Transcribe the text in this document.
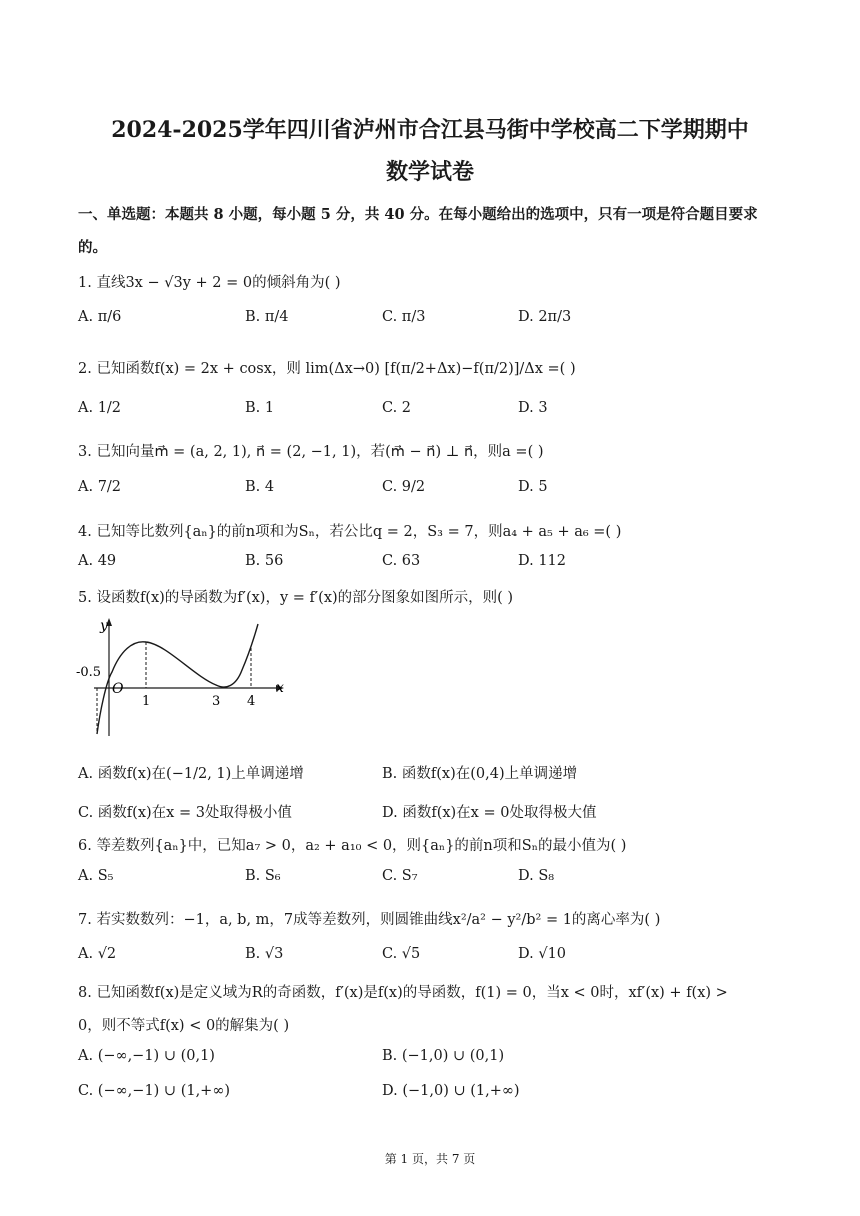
2024-2025学年四川省泸州市合江县马街中学校高二下学期期中
数学试卷
一、单选题：本题共 8 小题，每小题 5 分，共 40 分。在每小题给出的选项中，只有一项是符合题目要求
的。
1. 直线3x − √3y + 2 = 0的倾斜角为( )
A. π/6	B. π/4	C. π/3	D. 2π/3
2. 已知函数f(x) = 2x + cosx，则 lim(Δx→0) [f(π/2+Δx)−f(π/2)]/Δx =( )
A. 1/2	B. 1	C. 2	D. 3
3. 已知向量m⃗ = (a, 2, 1), n⃗ = (2, −1, 1)，若(m⃗ − n⃗) ⊥ n⃗，则a =( )
A. 7/2	B. 4	C. 9/2	D. 5
4. 已知等比数列{aₙ}的前n项和为Sₙ，若公比q = 2，S₃ = 7，则a₄ + a₅ + a₆ =( )
A. 49	B. 56	C. 63	D. 112
5. 设函数f(x)的导函数为f′(x)，y = f′(x)的部分图象如图所示，则( )
y
x
O
-0.5
1	3 4
A. 函数f(x)在(−1/2, 1)上单调递增	B. 函数f(x)在(0,4)上单调递增
C. 函数f(x)在x = 3处取得极小值	D. 函数f(x)在x = 0处取得极大值
6. 等差数列{aₙ}中，已知a₇ > 0，a₂ + a₁₀ < 0，则{aₙ}的前n项和Sₙ的最小值为( )
A. S₅	B. S₆	C. S₇	D. S₈
7. 若实数数列：−1，a, b, m，7成等差数列，则圆锥曲线x²/a² − y²/b² = 1的离心率为( )
A. √2	B. √3	C. √5	D. √10
8. 已知函数f(x)是定义域为R的奇函数，f′(x)是f(x)的导函数，f(1) = 0，当x < 0时，xf′(x) + f(x) >
0，则不等式f(x) < 0的解集为( )
A. (−∞,−1) ∪ (0,1)	B. (−1,0) ∪ (0,1)
C. (−∞,−1) ∪ (1,+∞)	D. (−1,0) ∪ (1,+∞)
第 1 页，共 7 页
